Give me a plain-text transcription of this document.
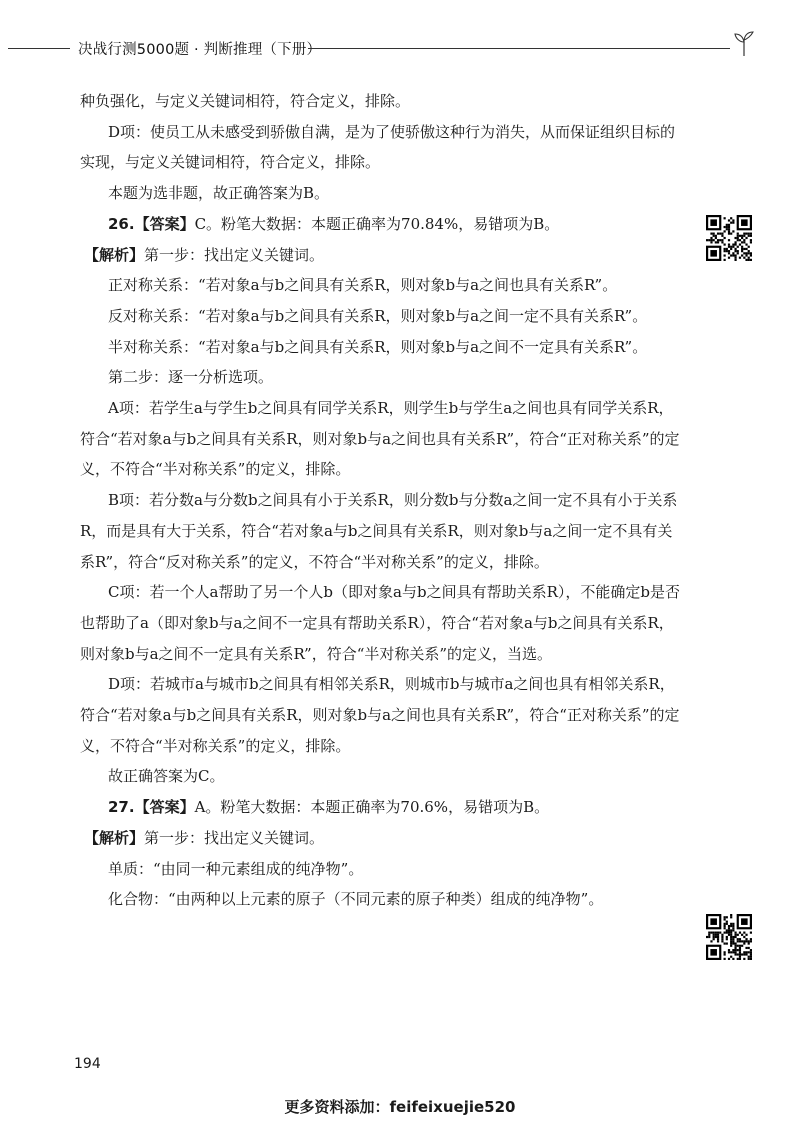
决战行测5000题 · 判断推理（下册）

种负强化，与定义关键词相符，符合定义，排除。

D项：使员工从未感受到骄傲自满，是为了使骄傲这种行为消失，从而保证组织目标的实现，与定义关键词相符，符合定义，排除。

本题为选非题，故正确答案为B。

26.【答案】C。粉笔大数据：本题正确率为70.84%，易错项为B。

【解析】第一步：找出定义关键词。

正对称关系：“若对象a与b之间具有关系R，则对象b与a之间也具有关系R”。

反对称关系：“若对象a与b之间具有关系R，则对象b与a之间一定不具有关系R”。

半对称关系：“若对象a与b之间具有关系R，则对象b与a之间不一定具有关系R”。

第二步：逐一分析选项。

A项：若学生a与学生b之间具有同学关系R，则学生b与学生a之间也具有同学关系R，符合“若对象a与b之间具有关系R，则对象b与a之间也具有关系R”，符合“正对称关系”的定义，不符合“半对称关系”的定义，排除。

B项：若分数a与分数b之间具有小于关系R，则分数b与分数a之间一定不具有小于关系R，而是具有大于关系，符合“若对象a与b之间具有关系R，则对象b与a之间一定不具有关系R”，符合“反对称关系”的定义，不符合“半对称关系”的定义，排除。

C项：若一个人a帮助了另一个人b（即对象a与b之间具有帮助关系R），不能确定b是否也帮助了a（即对象b与a之间不一定具有帮助关系R），符合“若对象a与b之间具有关系R，则对象b与a之间不一定具有关系R”，符合“半对称关系”的定义，当选。

D项：若城市a与城市b之间具有相邻关系R，则城市b与城市a之间也具有相邻关系R，符合“若对象a与b之间具有关系R，则对象b与a之间也具有关系R”，符合“正对称关系”的定义，不符合“半对称关系”的定义，排除。

故正确答案为C。

27.【答案】A。粉笔大数据：本题正确率为70.6%，易错项为B。

【解析】第一步：找出定义关键词。

单质：“由同一种元素组成的纯净物”。

化合物：“由两种以上元素的原子（不同元素的原子种类）组成的纯净物”。

194
更多资料添加：feifeixuejie520
